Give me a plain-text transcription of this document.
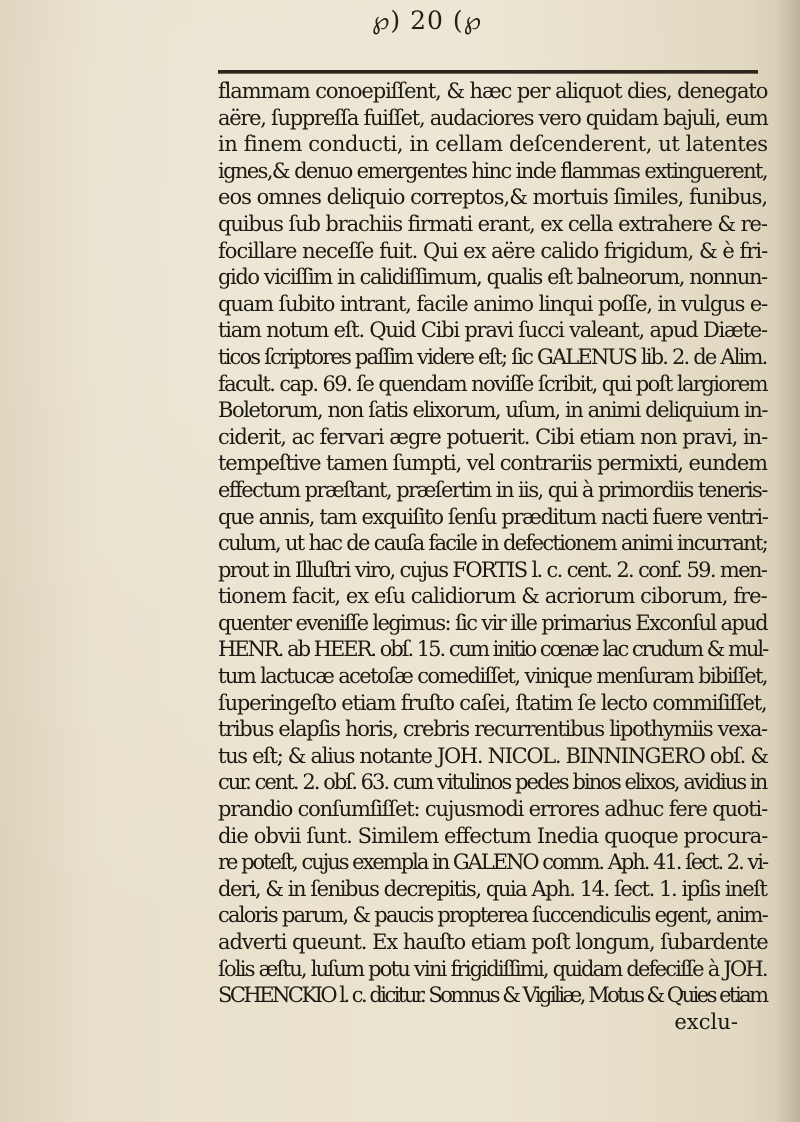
℘) 20 (℘
flammam conoepiſſent, & hæc per aliquot dies, denegato
aëre, ſuppreſſa fuiſſet, audaciores vero quidam bajuli, eum
in finem conducti, in cellam deſcenderent, ut latentes
ignes,& denuo emergentes hinc inde flammas extinguerent,
eos omnes deliquio correptos,& mortuis ſimiles, funibus,
quibus ſub brachiis firmati erant, ex cella extrahere & re-
focillare neceſſe fuit. Qui ex aëre calido frigidum, & è fri-
gido viciſſim in calidiſſimum, qualis eſt balneorum, nonnun-
quam ſubito intrant, facile animo linqui poſſe, in vulgus e-
tiam notum eſt. Quid Cibi pravi ſucci valeant, apud Diæte-
ticos ſcriptores paſſim videre eſt; ſic GALENUS lib. 2. de Alim.
facult. cap. 69. ſe quendam noviſſe ſcribit, qui poſt largiorem
Boletorum, non ſatis elixorum, uſum, in animi deliquium in-
ciderit, ac fervari ægre potuerit. Cibi etiam non pravi, in-
tempeſtive tamen ſumpti, vel contrariis permixti, eundem
effectum præſtant, præſertim in iis, qui à primordiis teneris-
que annis, tam exquiſito ſenſu præditum nacti fuere ventri-
culum, ut hac de cauſa facile in defectionem animi incurrant;
prout in Illuſtri viro, cujus FORTIS l. c. cent. 2. conf. 59. men-
tionem facit, ex eſu calidiorum & acriorum ciborum, fre-
quenter eveniſſe legimus: ſic vir ille primarius Exconſul apud
HENR. ab HEER. obſ. 15. cum initio cœnæ lac crudum & mul-
tum lactucæ acetoſæ comediſſet, vinique menſuram bibiſſet,
ſuperingeſto etiam fruſto caſei, ſtatim ſe lecto commiſiſſet,
tribus elapſis horis, crebris recurrentibus lipothymiis vexa-
tus eſt; & alius notante JOH. NICOL. BINNINGERO obſ. &
cur. cent. 2. obſ. 63. cum vitulinos pedes binos elixos, avidius in
prandio conſumſiſſet: cujusmodi errores adhuc fere quoti-
die obvii ſunt. Similem effectum Inedia quoque procura-
re poteſt, cujus exempla in GALENO comm. Aph. 41. ſect. 2. vi-
deri, & in ſenibus decrepitis, quia Aph. 14. ſect. 1. ipſis ineſt
caloris parum, & paucis propterea ſuccendiculis egent, anim-
adverti queunt. Ex hauſto etiam poſt longum, ſubardente
ſolis æſtu, luſum potu vini frigidiſſimi, quidam defeciſſe à JOH.
SCHENCKIO l. c. dicitur. Somnus & Vigiliæ, Motus & Quies etiam
exclu-
